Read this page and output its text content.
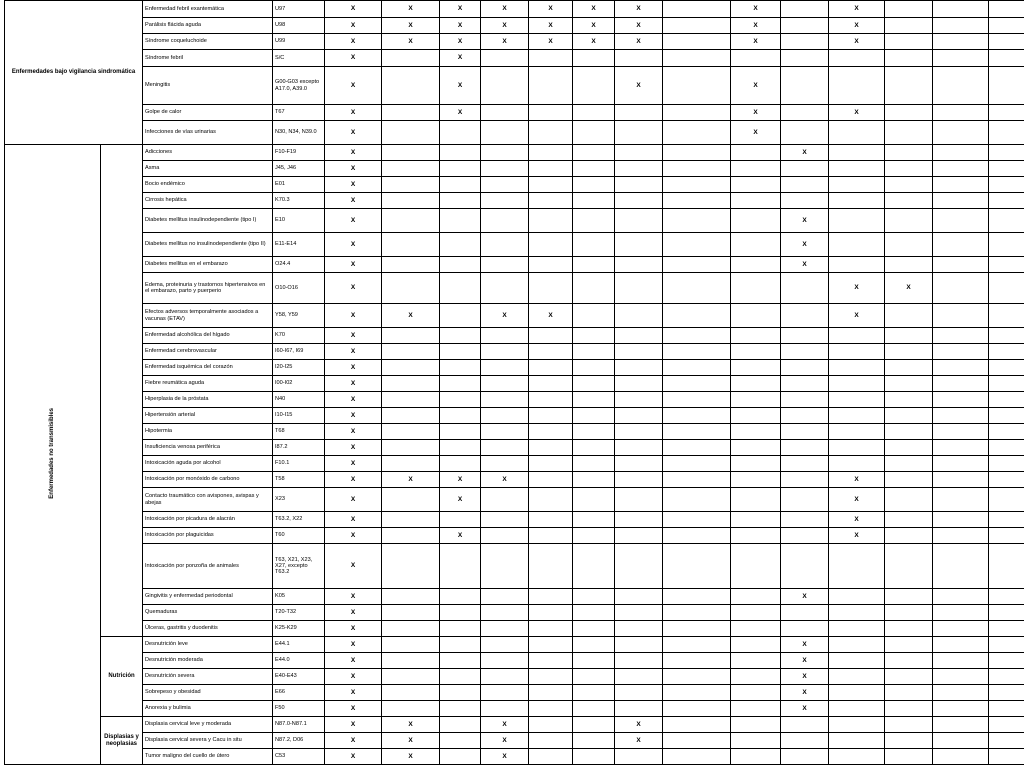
Enfermedades bajo vigilancia sindromática		Enfermedad febril exantemática	U97	X	X	X	X	X	X	X		X		X				
		Parálisis flácida aguda	U98	X	X	X	X	X	X	X		X		X				
		Síndrome coqueluchoide	U99	X	X	X	X	X	X	X		X		X				
		Síndrome febril	S/C	X		X												
		Meningitis	G00-G03 excepto A17.0, A39.0	X		X				X		X						
		Golpe de calor	T67	X		X						X		X				
		Infecciones de vías urinarias	N30, N34, N39.0	X								X						
Enfermedades no transmisibles		Adicciones	F10-F19	X									X					
		Asma	J45, J46	X														
		Bocio endémico	E01	X														
		Cirrosis hepática	K70.3	X														
		Diabetes mellitus insulinodependiente (tipo I)	E10	X									X					
		Diabetes mellitus no insulinodependiente (tipo II)	E11-E14	X									X					
		Diabetes mellitus en el embarazo	O24.4	X									X					
		Edema, proteinuria y trastornos hipertensivos en el embarazo, parto y puerperio	O10-O16	X										X	X			
		Efectos adversos temporalmente asociados a vacunas (ETAV)	Y58, Y59	X	X		X	X						X				
		Enfermedad alcohólica del hígado	K70	X														
		Enfermedad cerebrovascular	I60-I67, I69	X														
		Enfermedad isquémica del corazón	I20-I25	X														
		Fiebre reumática aguda	I00-I02	X														
		Hiperplasia de la próstata	N40	X														
		Hipertensión arterial	I10-I15	X														
		Hipotermia	T68	X														
		Insuficiencia venosa periférica	I87.2	X														
		Intoxicación aguda por alcohol	F10.1	X														
		Intoxicación por monóxido de carbono	T58	X	X	X	X							X				
		Contacto traumático con avispones, avispas y abejas	X23	X		X								X				
		Intoxicación por picadura de alacrán	T63.2, X22	X										X				
		Intoxicación por plaguicidas	T60	X		X								X				
		Intoxicación por ponzoña de animales	T63, X21, X23, X27, excepto T63.2	X														
		Gingivitis y enfermedad periodontal	K05	X									X					
		Quemaduras	T20-T32	X														
		Úlceras, gastritis y duodenitis	K25-K29	X														
	Nutrición	Desnutrición leve	E44.1	X									X					
		Desnutrición moderada	E44.0	X									X					
		Desnutrición severa	E40-E43	X									X					
		Sobrepeso y obesidad	E66	X									X					
		Anorexia y bulimia	F50	X									X					
	Displasias y neoplasias	Displasia cervical leve y moderada	N87.0-N87.1	X	X		X			X								
		Displasia cervical severa y Cacu in situ	N87.2, D06	X	X		X			X								
		Tumor maligno del cuello de útero	C53	X	X		X											
